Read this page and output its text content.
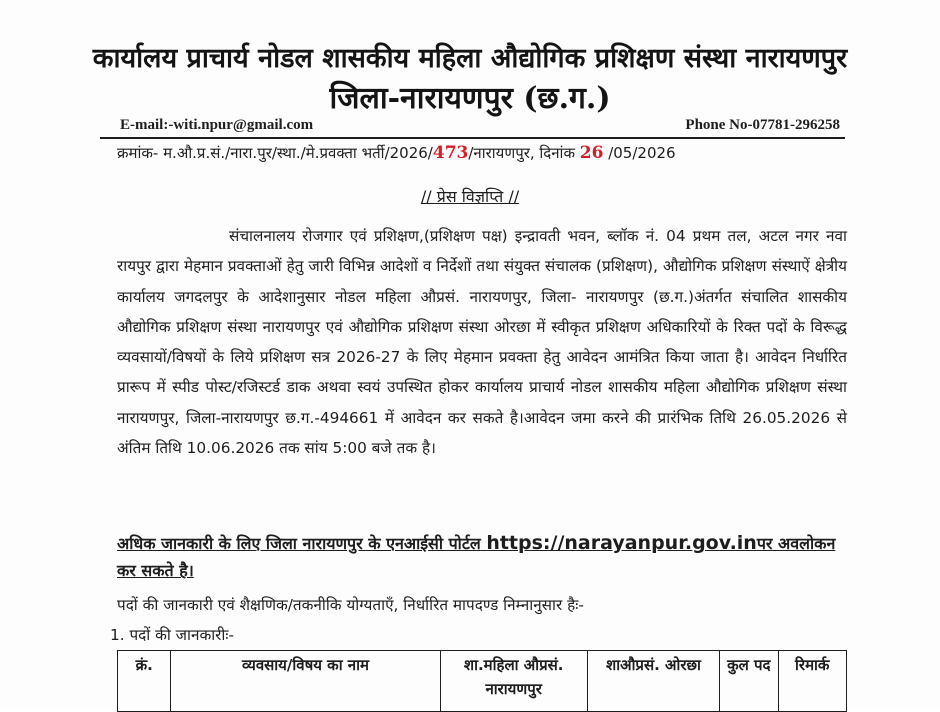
कार्यालय प्राचार्य नोडल शासकीय महिला औद्योगिक प्रशिक्षण संस्था नारायणपुर
जिला-नारायणपुर (छ.ग.)
E-mail:-witi.npur@gmail.com	Phone No-07781-296258
क्रमांक- म.औ.प्र.सं./नारा.पुर/स्था./मे.प्रवक्ता भर्ती/2026/473/नारायणपुर, दिनांक 26 /05/2026
// प्रेस विज्ञप्ति //
संचालनालय रोजगार एवं प्रशिक्षण,(प्रशिक्षण पक्ष) इन्द्रावती भवन, ब्लॉक नं. 04 प्रथम तल, अटल नगर नवा रायपुर द्वारा मेहमान प्रवक्ताओं हेतु जारी विभिन्न आदेशों व निर्देशों तथा संयुक्त संचालक (प्रशिक्षण), औद्योगिक प्रशिक्षण संस्थाऐं क्षेत्रीय कार्यालय जगदलपुर के आदेशानुसार नोडल महिला औप्रसं. नारायणपुर, जिला- नारायणपुर (छ.ग.)अंतर्गत संचालित शासकीय औद्योगिक प्रशिक्षण संस्था नारायणपुर एवं औद्योगिक प्रशिक्षण संस्था ओरछा में स्वीकृत प्रशिक्षण अधिकारियों के रिक्त पदों के विरूद्ध व्यवसायों/विषयों के लिये प्रशिक्षण सत्र 2026-27 के लिए मेहमान प्रवक्ता हेतु आवेदन आमंत्रित किया जाता है। आवेदन निर्धारित प्रारूप में स्पीड पोस्ट/रजिस्टर्ड डाक अथवा स्वयं उपस्थित होकर कार्यालय प्राचार्य नोडल शासकीय महिला औद्योगिक प्रशिक्षण संस्था नारायणपुर, जिला-नारायणपुर छ.ग.-494661 में आवेदन कर सकते है।आवेदन जमा करने की प्रारंभिक तिथि 26.05.2026 से अंतिम तिथि 10.06.2026 तक सांय 5:00 बजे तक है।
अधिक जानकारी के लिए जिला नारायणपुर के एनआईसी पोर्टल https://narayanpur.gov.inपर अवलोकन कर सकते है।
पदों की जानकारी एवं शैक्षणिक/तकनीकि योग्यताएँ, निर्धारित मापदण्ड निम्नानुसार हैः-
1. पदों की जानकारीः-
क्रं.	व्यवसाय/विषय का नाम	शा.महिला औप्रसं. नारायणपुर	शाऔप्रसं. ओरछा	कुल पद	रिमार्क
